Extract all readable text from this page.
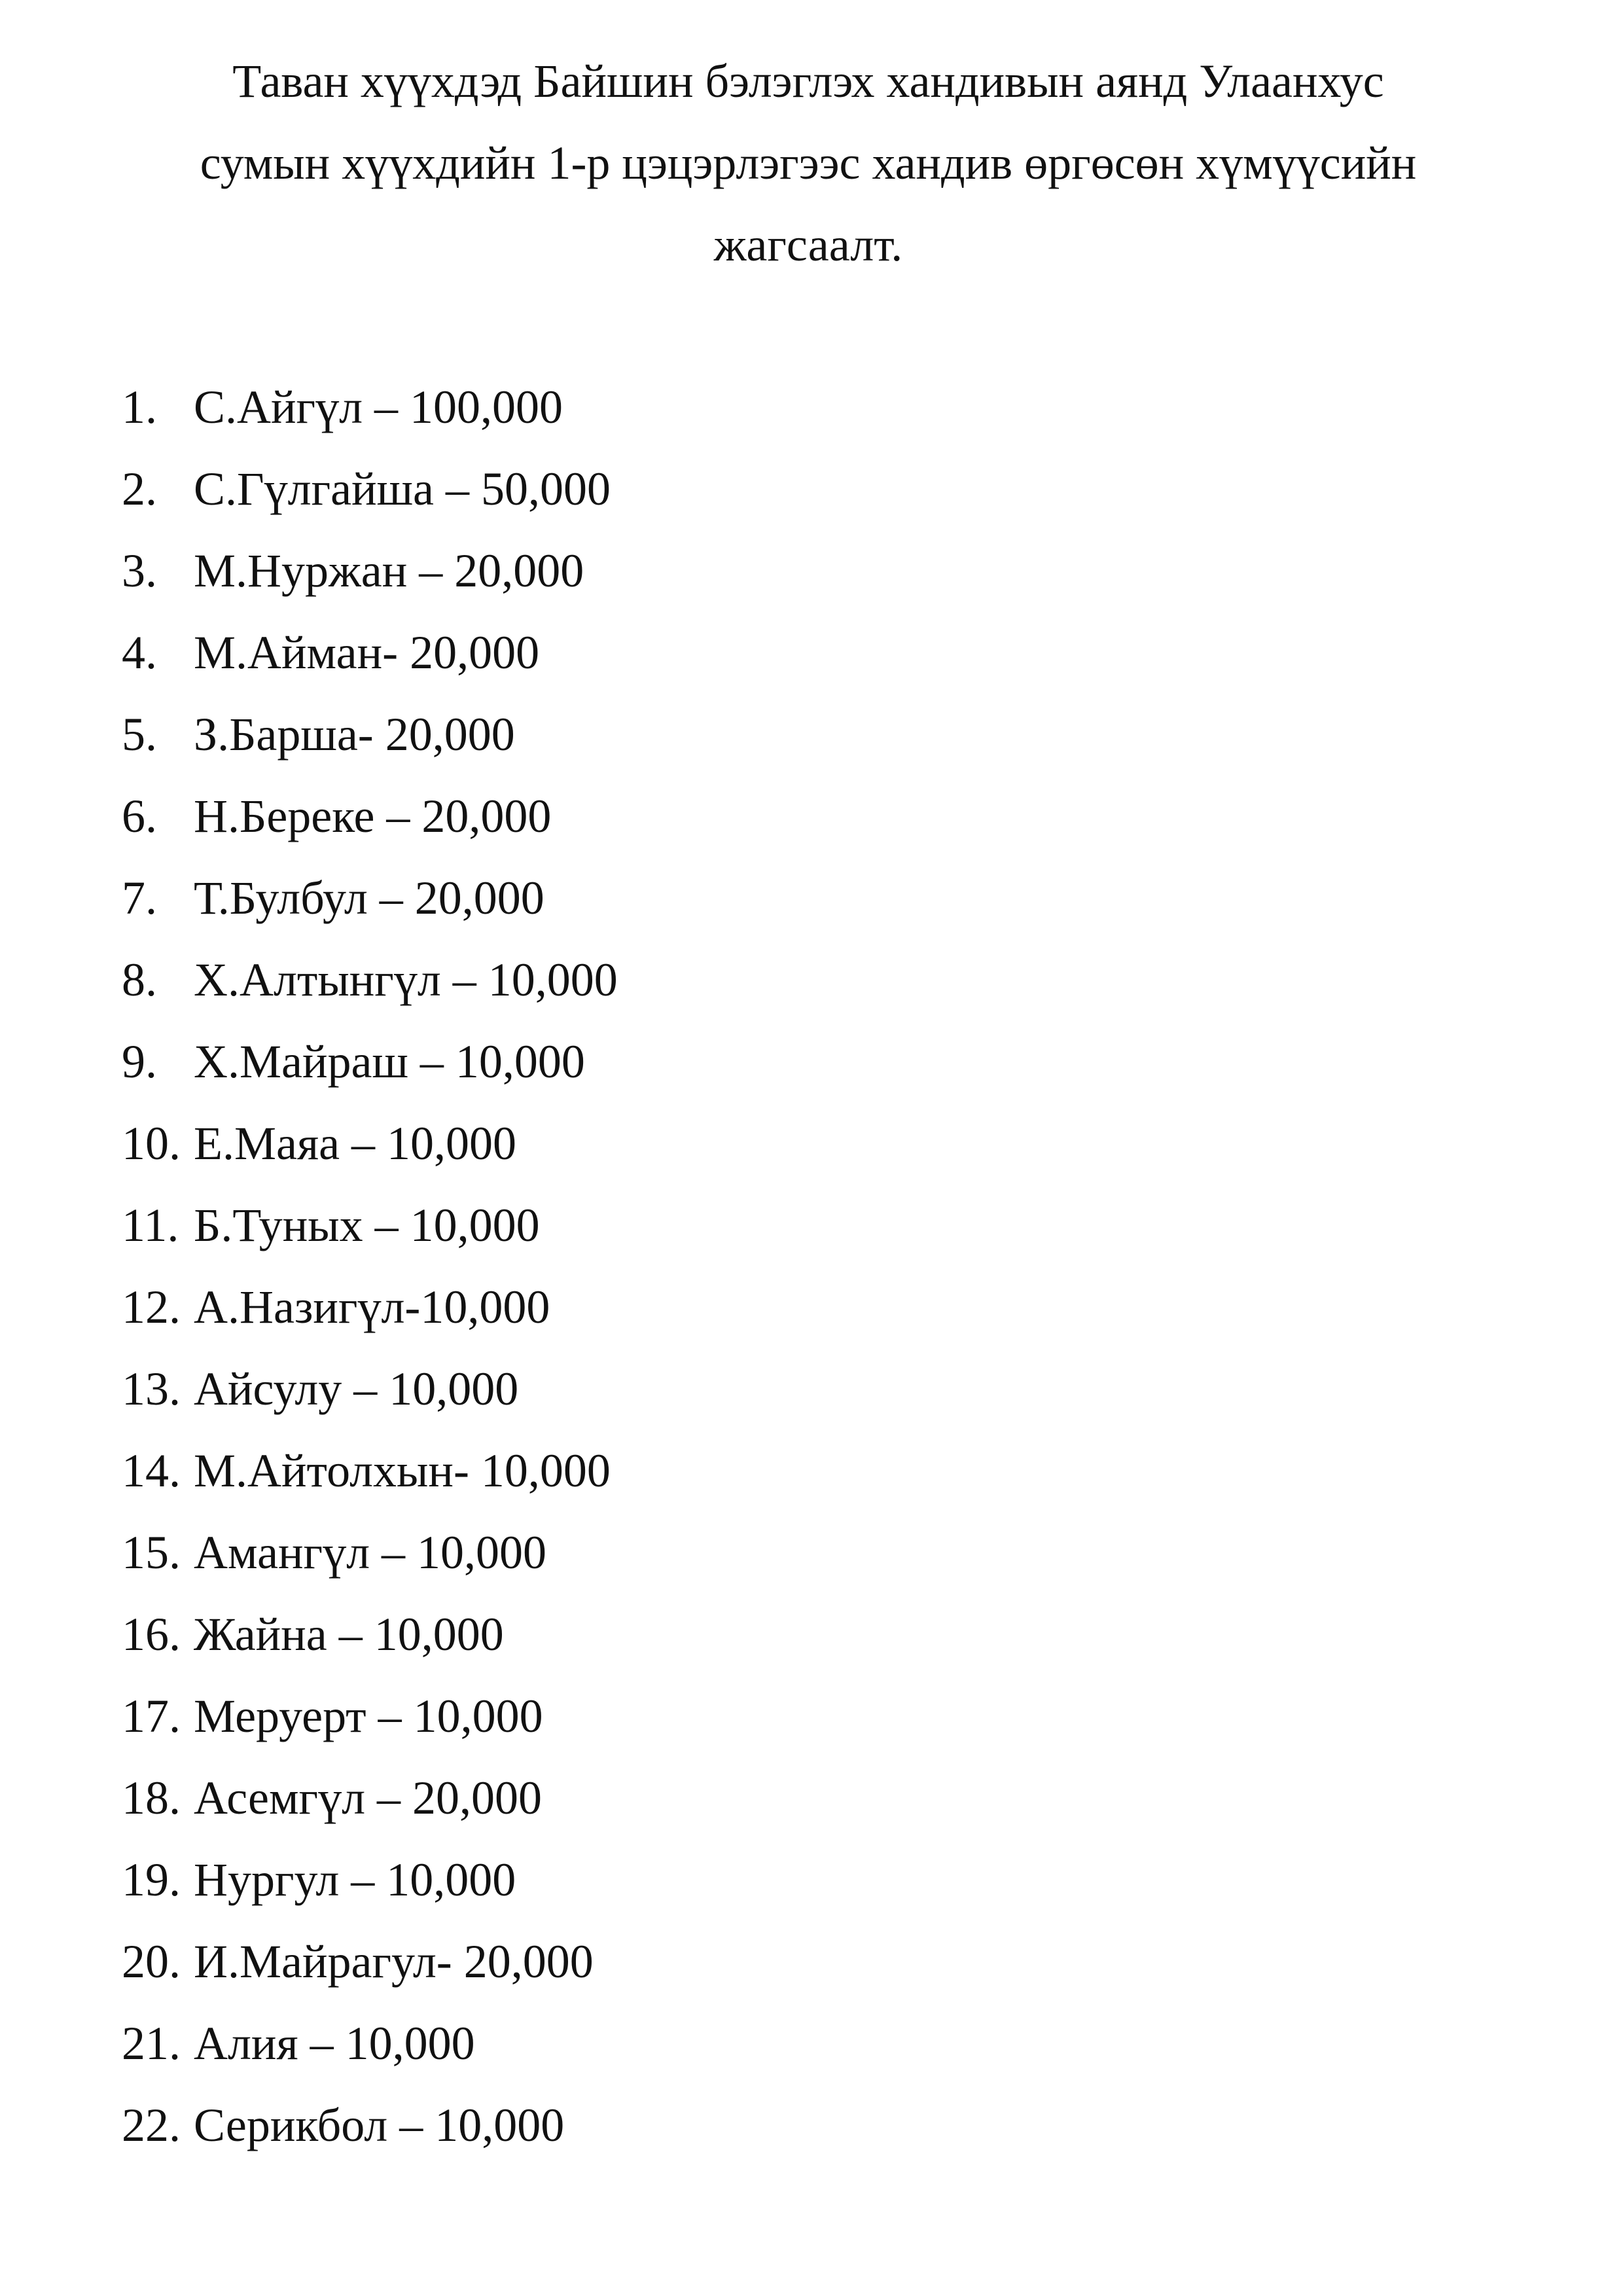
Таван хүүхдэд Байшин бэлэглэх хандивын аянд Улаанхус
сумын хүүхдийн 1-р цэцэрлэгээс хандив өргөсөн хүмүүсийн
жагсаалт.
1. С.Айгүл – 100,000
2. С.Гүлгайша – 50,000
3. М.Нуржан – 20,000
4. М.Айман- 20,000
5. З.Барша- 20,000
6. Н.Береке – 20,000
7. Т.Булбул – 20,000
8. Х.Алтынгүл – 10,000
9. Х.Майраш – 10,000
10. Е.Маяа – 10,000
11. Б.Туных – 10,000
12. А.Назигүл-10,000
13. Айсулу – 10,000
14. М.Айтолхын- 10,000
15. Амангүл – 10,000
16. Жайна – 10,000
17. Меруерт – 10,000
18. Асемгүл – 20,000
19. Нургул – 10,000
20. И.Майрагул- 20,000
21. Алия – 10,000
22. Серикбол – 10,000
